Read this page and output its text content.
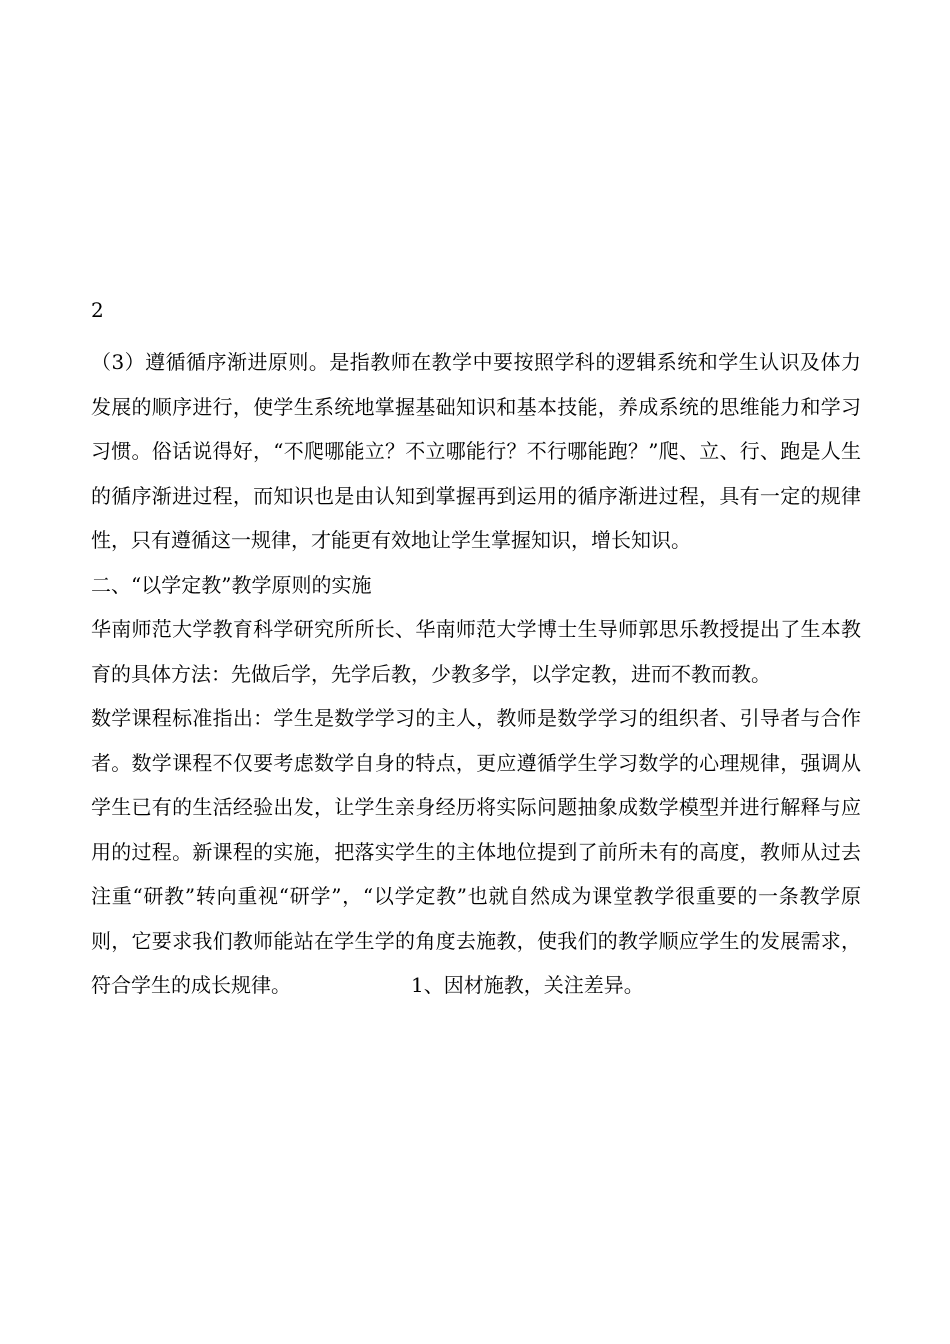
2

（3）遵循循序渐进原则。是指教师在教学中要按照学科的逻辑系统和学生认识及体力发展的顺序进行，使学生系统地掌握基础知识和基本技能，养成系统的思维能力和学习习惯。俗话说得好，“不爬哪能立？不立哪能行？不行哪能跑？”爬、立、行、跑是人生的循序渐进过程，而知识也是由认知到掌握再到运用的循序渐进过程，具有一定的规律性，只有遵循这一规律，才能更有效地让学生掌握知识，增长知识。

二、“以学定教”教学原则的实施

华南师范大学教育科学研究所所长、华南师范大学博士生导师郭思乐教授提出了生本教育的具体方法：先做后学，先学后教，少教多学，以学定教，进而不教而教。

数学课程标准指出：学生是数学学习的主人，教师是数学学习的组织者、引导者与合作者。数学课程不仅要考虑数学自身的特点，更应遵循学生学习数学的心理规律，强调从学生已有的生活经验出发，让学生亲身经历将实际问题抽象成数学模型并进行解释与应用的过程。新课程的实施，把落实学生的主体地位提到了前所未有的高度，教师从过去注重“研教”转向重视“研学”，“以学定教”也就自然成为课堂教学很重要的一条教学原则，它要求我们教师能站在学生学的角度去施教，使我们的教学顺应学生的发展需求，符合学生的成长规律。	1、因材施教，关注差异。
